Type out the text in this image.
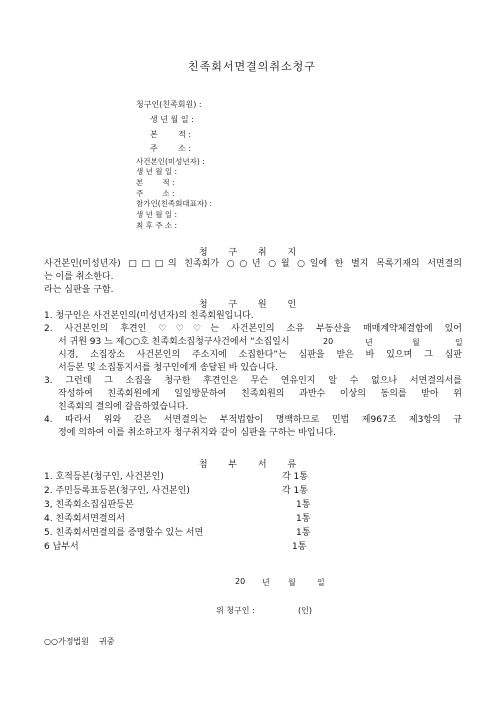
친족회서면결의취소청구
청구인(친족회원) :
생 년 월 일 :
본        적 :
주        소 :
사건본인(미성년자) :
생 년 월 일 :
본        적 :
주        소 :
참가인(친족회대표자) :
생 년 월 일 :
최 후 주 소 :
청 구 취 지
사건본인(미성년자) □□□의 친족회가 ○○년 ○월 ○일에 한 별지 목록기재의 서면결의
는 이를 취소한다.
라는 심판을 구함.
청 구 원 인
1. 청구인은 사건본인의(미성년자)의 친족회원입니다.
2. 사건본인의 후견인 ♡♡♡는 사건본인의 소유 부동산을 매매계약체결함에 있어
서 귀원 93 느 제○○호 친족회소집청구사건에서 “소집일시	20	년	월	일
시경, 소집장소 사건본인의 주소지에 소집한다”는 심판을 받은 바 있으며 그 심판
서등본 및 소집통지서를 청구인에게 송달된 바 있습니다.
3. 그런데 그 소집을 청구한 후견인은 무슨 연유인지 알 수 없으나 서면결의서를
작성하여 친족회원에게 일일방문하여 친족회원의 과반수 이상의 동의를 받아 위
친족회의 결의에 갈음하였습니다.
4. 따라서 위와 같은 서면결의는 부적법함이 명백하므로 민법 제967조 제3항의 규
정에 의하여 이를 취소하고자 청구취지와 같이 심판을 구하는 바입니다.
첨 부 서 류
1. 호적등본(청구인, 사건본인)	각 1통
2. 주민등록표등본(청구인, 사건본인)	각 1통
3, 친족회소집심판등본	1통
4. 친족회서면결의서	1통
5. 친족회서면결의를 증명할수 있는 서면	1통
6 납부서	1통
20 년 월	일
위 청구인 :	(인)
○○가정법원    귀중
